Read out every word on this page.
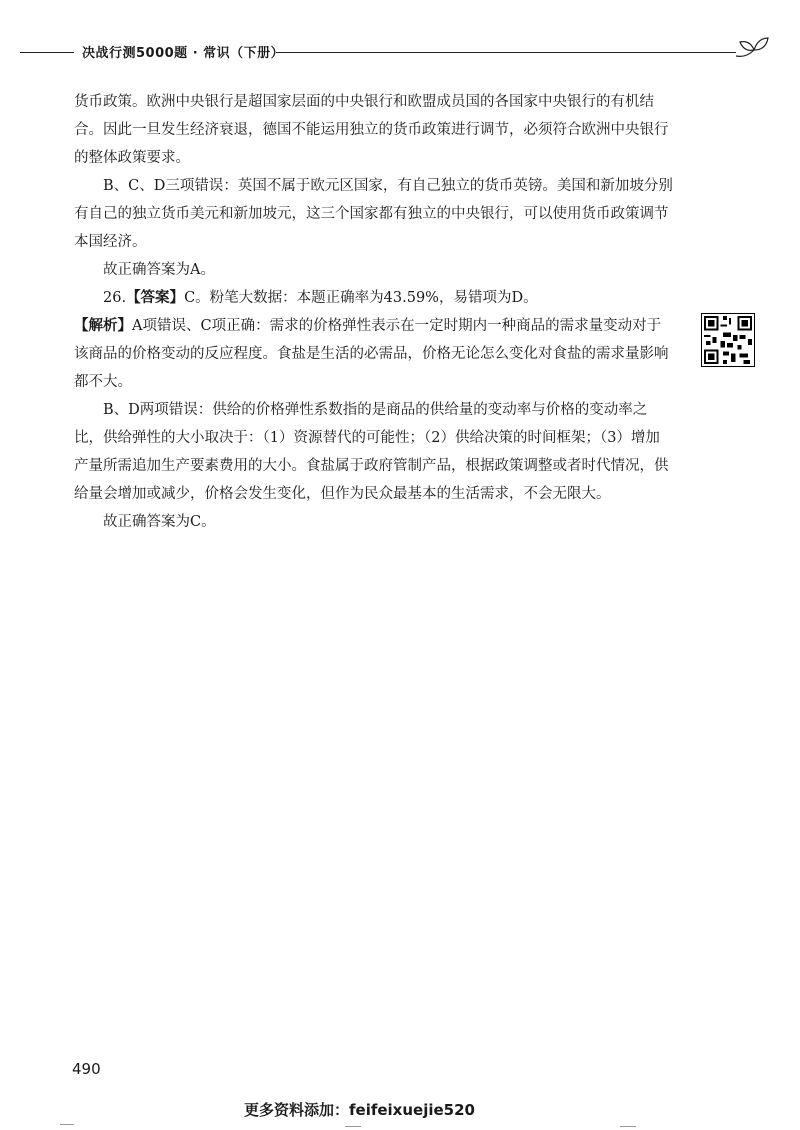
决战行测5000题 · 常识（下册）

货币政策。欧洲中央银行是超国家层面的中央银行和欧盟成员国的各国家中央银行的有机结合。因此一旦发生经济衰退，德国不能运用独立的货币政策进行调节，必须符合欧洲中央银行的整体政策要求。

B、C、D三项错误：英国不属于欧元区国家，有自己独立的货币英镑。美国和新加坡分别有自己的独立货币美元和新加坡元，这三个国家都有独立的中央银行，可以使用货币政策调节本国经济。

故正确答案为A。

26.【答案】C。粉笔大数据：本题正确率为43.59%，易错项为D。

【解析】A项错误、C项正确：需求的价格弹性表示在一定时期内一种商品的需求量变动对于该商品的价格变动的反应程度。食盐是生活的必需品，价格无论怎么变化对食盐的需求量影响都不大。

B、D两项错误：供给的价格弹性系数指的是商品的供给量的变动率与价格的变动率之比，供给弹性的大小取决于：（1）资源替代的可能性；（2）供给决策的时间框架；（3）增加产量所需追加生产要素费用的大小。食盐属于政府管制产品，根据政策调整或者时代情况，供给量会增加或减少，价格会发生变化，但作为民众最基本的生活需求，不会无限大。

故正确答案为C。

490
更多资料添加：feifeixuejie520
